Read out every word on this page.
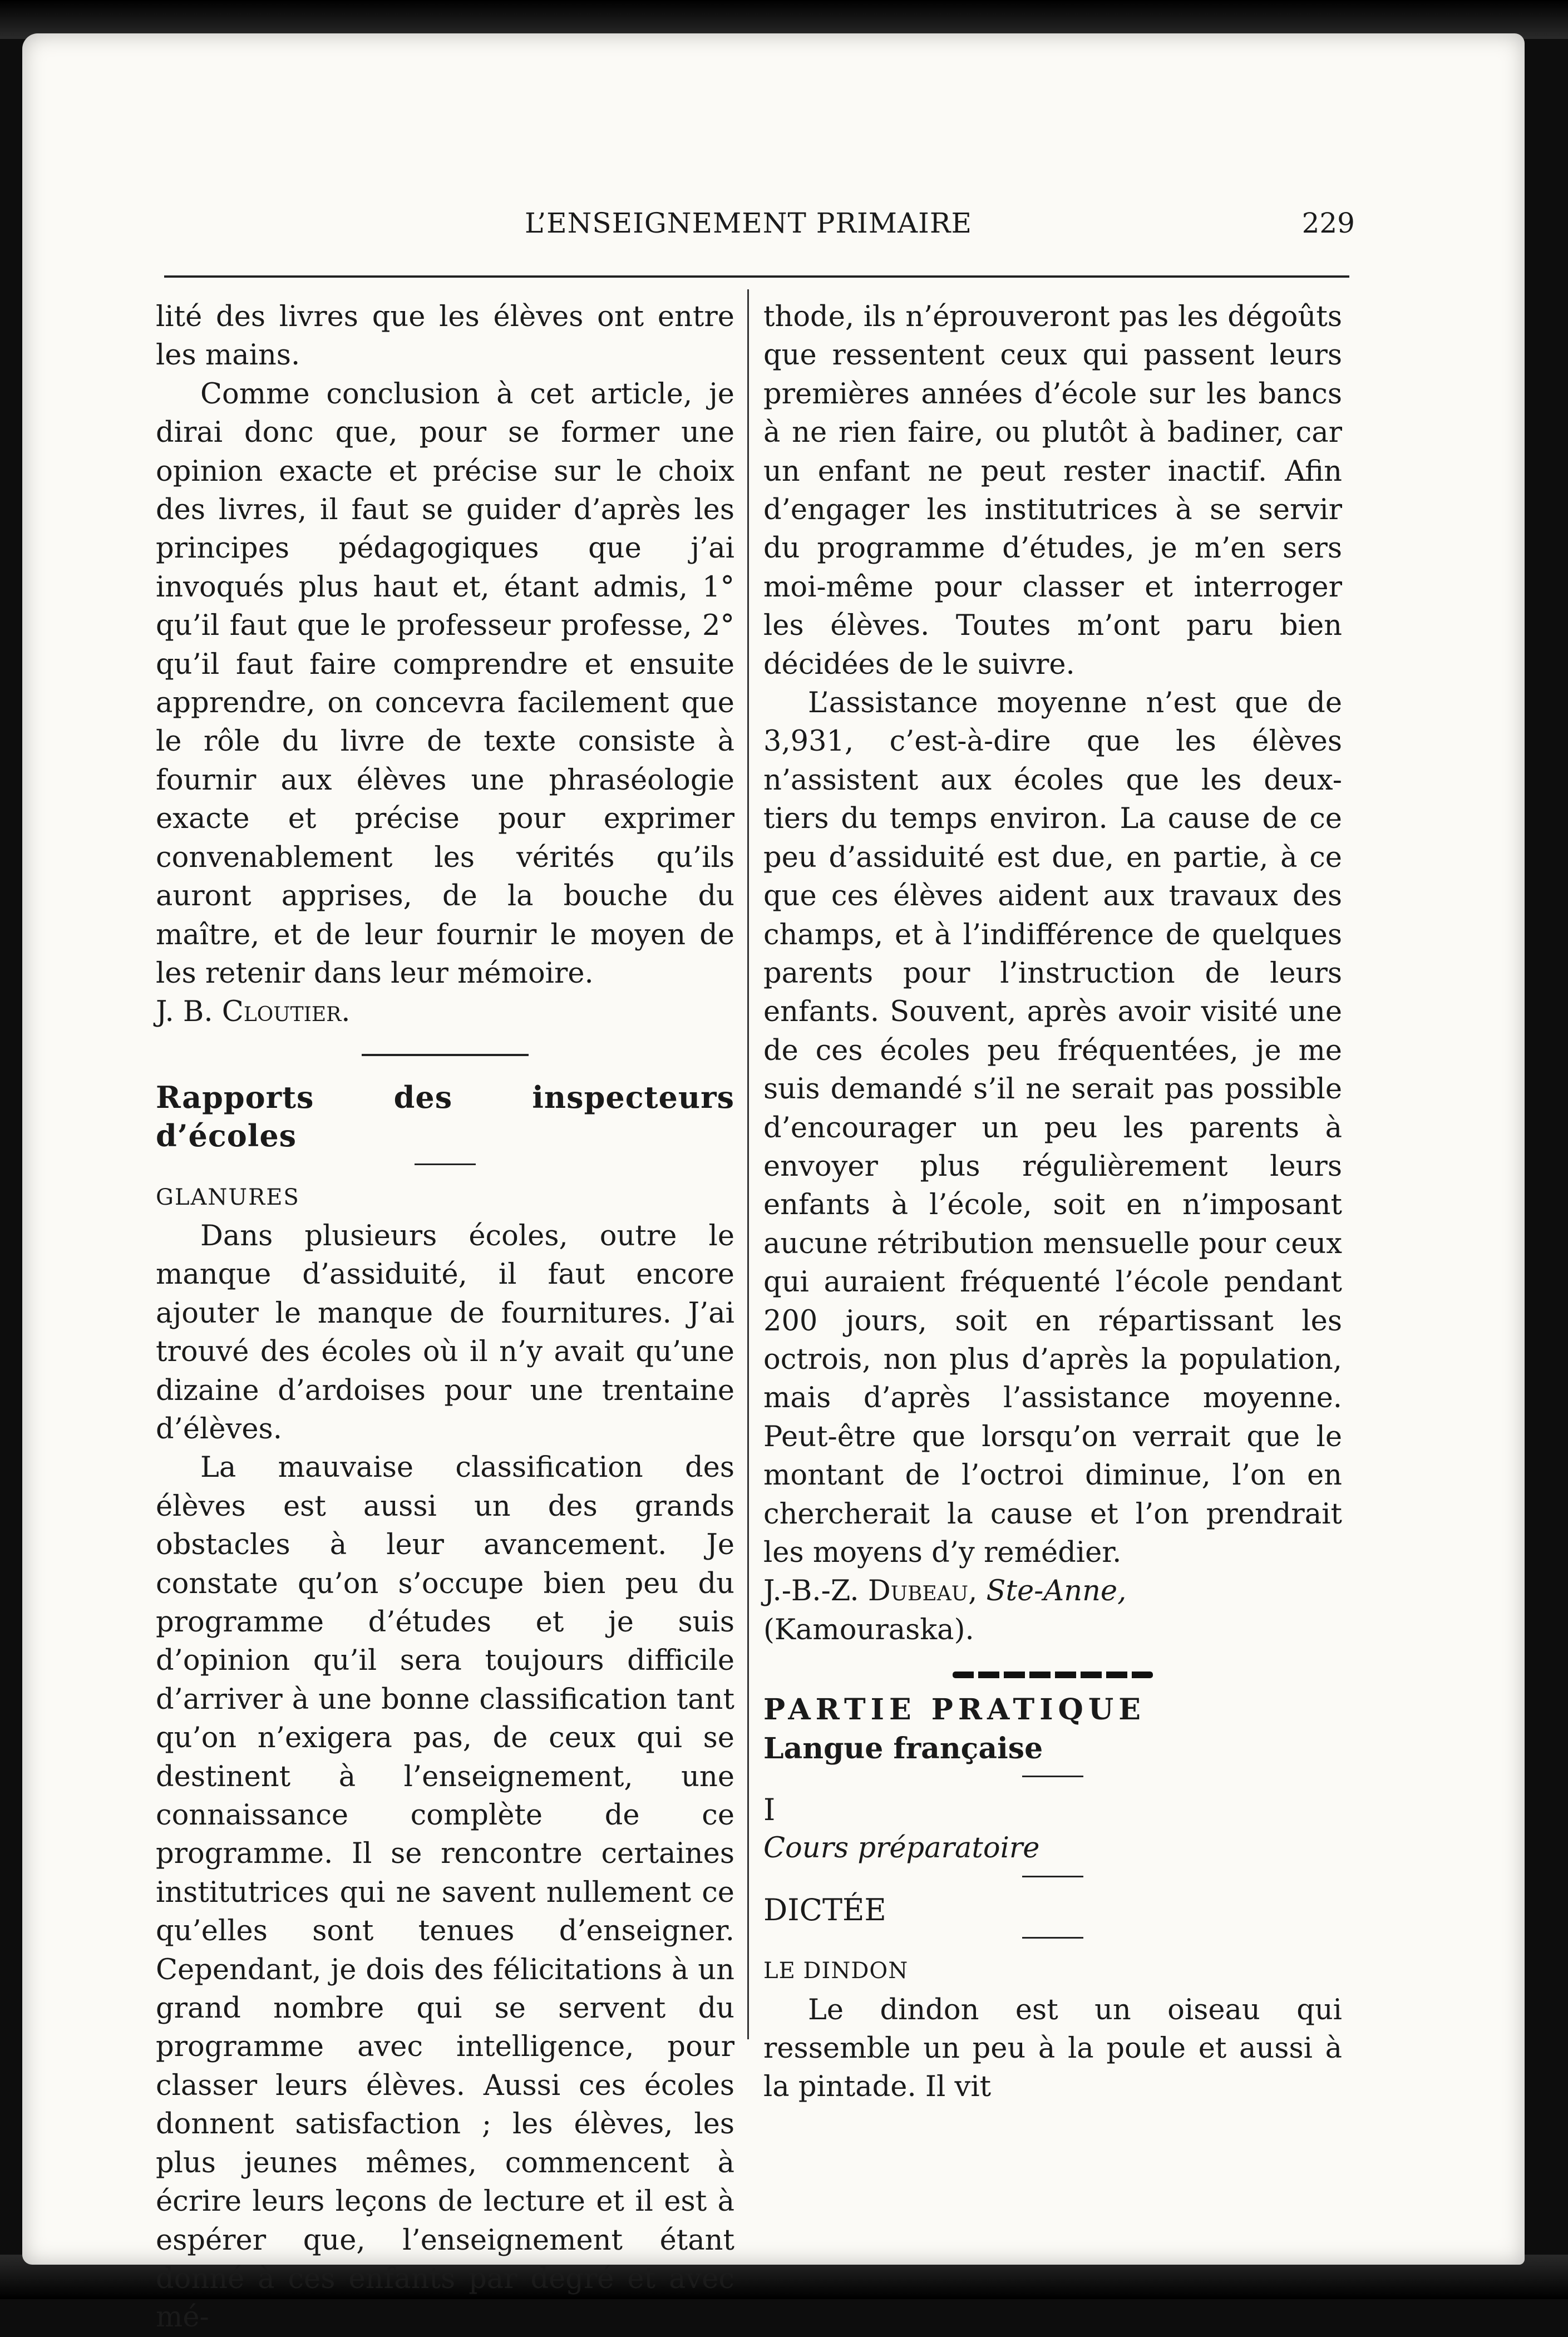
L’ENSEIGNEMENT PRIMAIRE	229

lité des livres que les élèves ont entre les mains.

Comme conclusion à cet article, je dirai donc que, pour se former une opinion exacte et précise sur le choix des livres, il faut se guider d’après les principes pédagogiques que j’ai invoqués plus haut et, étant admis, 1° qu’il faut que le professeur professe, 2° qu’il faut faire comprendre et ensuite apprendre, on concevra facilement que le rôle du livre de texte consiste à fournir aux élèves une phraséologie exacte et précise pour exprimer convenablement les vérités qu’ils auront apprises, de la bouche du maître, et de leur fournir le moyen de les retenir dans leur mémoire.

J. B. Cloutier.

Rapports des inspecteurs d’écoles

GLANURES

Dans plusieurs écoles, outre le manque d’assiduité, il faut encore ajouter le manque de fournitures. J’ai trouvé des écoles où il n’y avait qu’une dizaine d’ardoises pour une trentaine d’élèves.

La mauvaise classification des élèves est aussi un des grands obstacles à leur avancement. Je constate qu’on s’occupe bien peu du programme d’études et je suis d’opinion qu’il sera toujours difficile d’arriver à une bonne classification tant qu’on n’exigera pas, de ceux qui se destinent à l’enseignement, une connaissance complète de ce programme. Il se rencontre certaines institutrices qui ne savent nullement ce qu’elles sont tenues d’enseigner. Cependant, je dois des félicitations à un grand nombre qui se servent du programme avec intelligence, pour classer leurs élèves. Aussi ces écoles donnent satisfaction ; les élèves, les plus jeunes mêmes, commencent à écrire leurs leçons de lecture et il est à espérer que, l’enseignement étant donné à ces enfants par degré et avec mé-

thode, ils n’éprouveront pas les dégoûts que ressentent ceux qui passent leurs premières années d’école sur les bancs à ne rien faire, ou plutôt à badiner, car un enfant ne peut rester inactif. Afin d’engager les institutrices à se servir du programme d’études, je m’en sers moi-même pour classer et interroger les élèves. Toutes m’ont paru bien décidées de le suivre.

L’assistance moyenne n’est que de 3,931, c’est-à-dire que les élèves n’assistent aux écoles que les deux-tiers du temps environ. La cause de ce peu d’assiduité est due, en partie, à ce que ces élèves aident aux travaux des champs, et à l’indifférence de quelques parents pour l’instruction de leurs enfants. Souvent, après avoir visité une de ces écoles peu fréquentées, je me suis demandé s’il ne serait pas possible d’encourager un peu les parents à envoyer plus régulièrement leurs enfants à l’école, soit en n’imposant aucune rétribution mensuelle pour ceux qui auraient fréquenté l’école pendant 200 jours, soit en répartissant les octrois, non plus d’après la population, mais d’après l’assistance moyenne. Peut-être que lorsqu’on verrait que le montant de l’octroi diminue, l’on en chercherait la cause et l’on prendrait les moyens d’y remédier.

J.-B.-Z. Dubeau, Ste-Anne,

(Kamouraska).

PARTIE PRATIQUE

Langue française

I

Cours préparatoire

DICTÉE

LE DINDON

Le dindon est un oiseau qui ressemble un peu à la poule et aussi à la pintade. Il vit
